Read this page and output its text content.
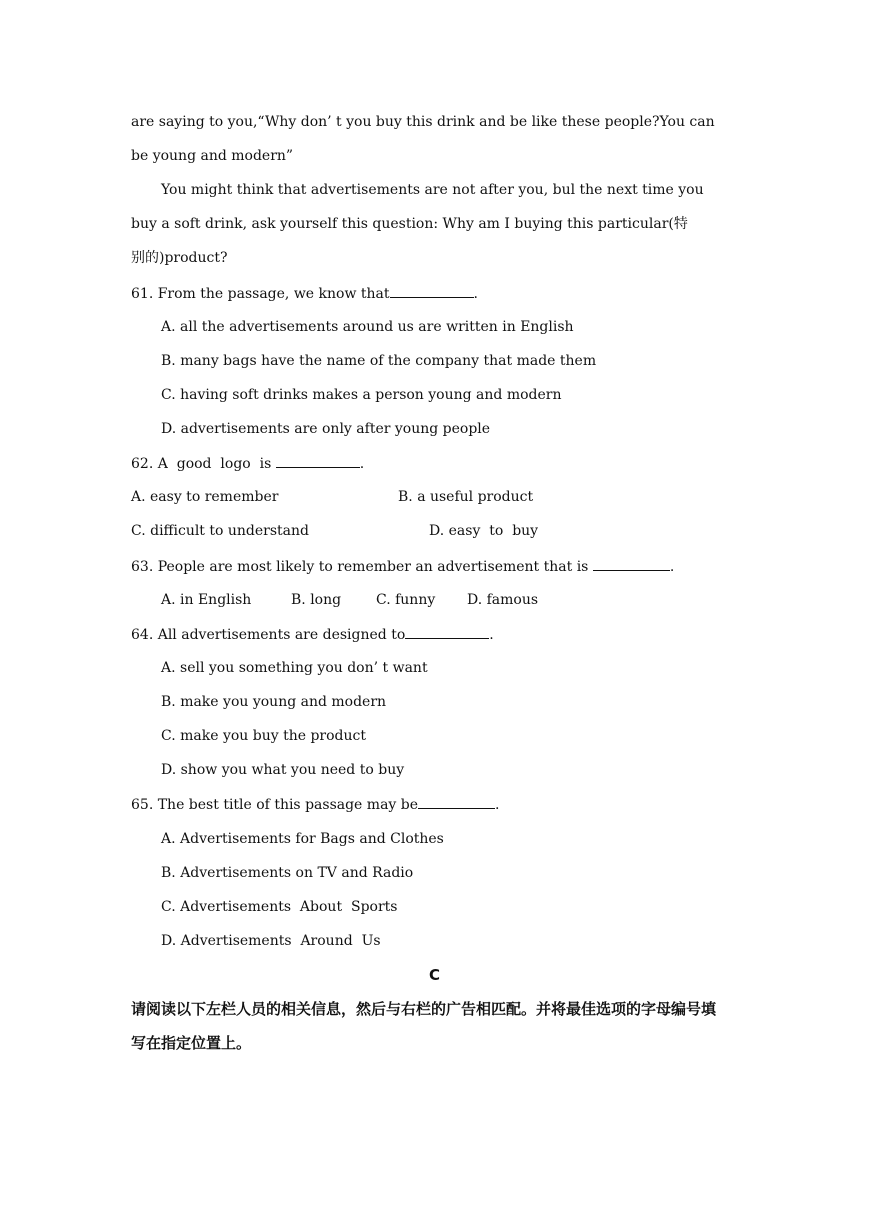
are saying to you,“Why don’ t you buy this drink and be like these people?You can
be young and modern”
You might think that advertisements are not after you, bul the next time you
buy a soft drink, ask yourself this question: Why am I buying this particular(特
别的)product?
61. From the passage, we know that	.
A. all the advertisements around us are written in English
B. many bags have the name of the company that made them
C. having soft drinks makes a person young and modern
D. advertisements are only after young people
62. A  good  logo  is	.
A. easy to remember	B. a useful product
C. difficult to understand	D. easy  to  buy
63. People are most likely to remember an advertisement that is	.
A. in English	B. long C. funny D. famous
64. All advertisements are designed to	.
A. sell you something you don’ t want
B. make you young and modern
C. make you buy the product
D. show you what you need to buy
65. The best title of this passage may be	.
A. Advertisements for Bags and Clothes
B. Advertisements on TV and Radio
C. Advertisements  About  Sports
D. Advertisements  Around  Us
C
请阅读以下左栏人员的相关信息，然后与右栏的广告相匹配。并将最佳选项的字母编号填
写在指定位置上。
